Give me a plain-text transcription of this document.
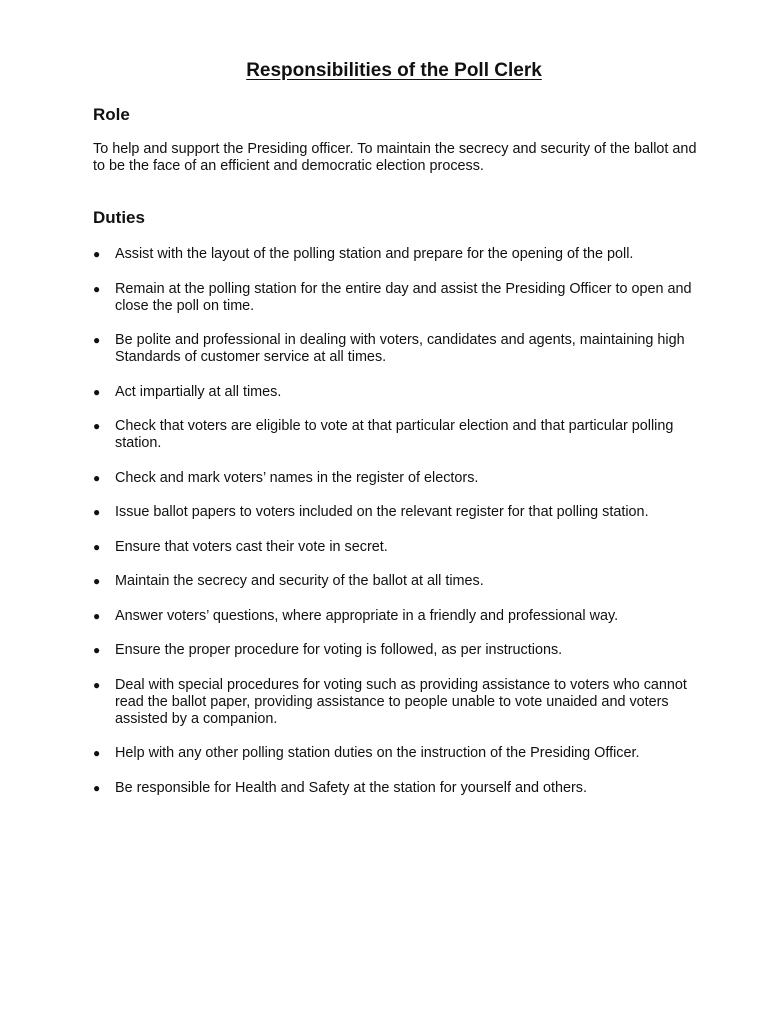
Responsibilities of the Poll Clerk
Role

To help and support the Presiding officer. To maintain the secrecy and security of the ballot and to be the face of an efficient and democratic election process.

Duties
● Assist with the layout of the polling station and prepare for the opening of the poll.
● Remain at the polling station for the entire day and assist the Presiding Officer to open and close the poll on time.
● Be polite and professional in dealing with voters, candidates and agents, maintaining high Standards of customer service at all times.
● Act impartially at all times.
● Check that voters are eligible to vote at that particular election and that particular polling station.
● Check and mark voters’ names in the register of electors.
● Issue ballot papers to voters included on the relevant register for that polling station.
● Ensure that voters cast their vote in secret.
● Maintain the secrecy and security of the ballot at all times.
● Answer voters’ questions, where appropriate in a friendly and professional way.
● Ensure the proper procedure for voting is followed, as per instructions.
● Deal with special procedures for voting such as providing assistance to voters who cannot read the ballot paper, providing assistance to people unable to vote unaided and voters assisted by a companion.
● Help with any other polling station duties on the instruction of the Presiding Officer.
● Be responsible for Health and Safety at the station for yourself and others.
